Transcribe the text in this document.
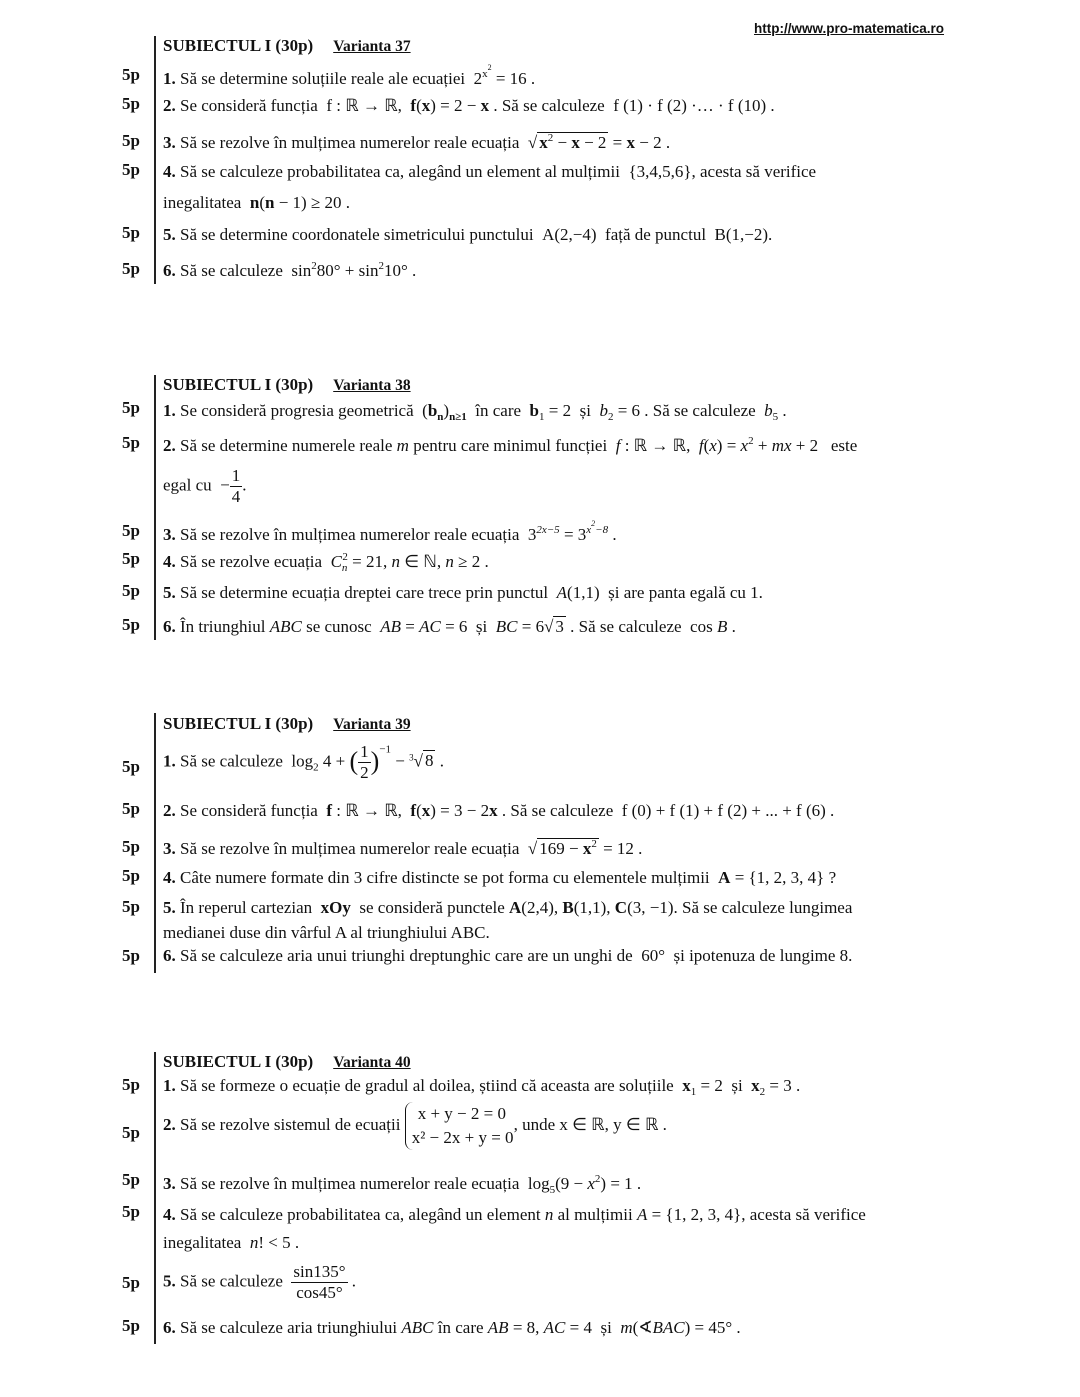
http://www.pro-matematica.ro
SUBIECTUL I (30p) Varianta 37
5p 1. Să se determine soluțiile reale ale ecuației  $2^{x^2} = 16$ .
5p 2. Se consideră funcția  f : ℝ → ℝ,  f(x) = 2 − x . Să se calculeze  f (1) · f (2) ·… · f (10) .
5p 3. Să se rezolve în mulțimea numerelor reale ecuația  √ $x^2 - x - 2 = x - 2$ .
5p 4. Să se calculeze probabilitatea ca, alegând un element al mulțimii {3,4,5,6}, acesta să verifice
inegalitatea n(n − 1) ≥ 20 .
5p 5. Să se determine coordonatele simetricului punctului A(2,−4) față de punctul B(1,−2).
5p 6. Să se calculeze  $\sin^280^\circ + \sin^210^\circ$ .
SUBIECTUL I (30p) Varianta 38
5p 1. Se consideră progresia geometrică  $(b_n)_{n\ge 1}$  în care  $b_1 = 2$  și  $b_2 = 6$ . Să se calculeze  $b_5$ .
5p 2. Să se determine numerele reale m pentru care minimul funcției f : ℝ → ℝ,  $f(x) = x^2$ + mx + 2   este
egal cu  − $\frac{1}{4}$ .
5p 3. Să se rezolve în mulțimea numerelor reale ecuația  $3^{2x-5} = 3^{x^2-8}$ .
5p 4. Să se rezolve ecuația $C_n^2 = 21$, n ∈ ℕ, n ≥ 2 .
5p 5. Să se determine ecuația dreptei care trece prin punctul A(1,1)  și are panta egală cu 1.
5p 6. În triunghiul ABC se cunosc AB = AC = 6  și  BC = 6√ 3 . Să se calculeze  cos B .
SUBIECTUL I (30p) Varianta 39
5p 1. Să se calculeze  $\log_2 4$ + ( $\frac{1}{2} )^{-1} - ^3√$ 8 .
5p 2. Se consideră funcția f : ℝ → ℝ,  f(x) = 3 − 2x . Să se calculeze  f (0) + f (1) + f (2) + ... + f (6) .
5p 3. Să se rezolve în mulțimea numerelor reale ecuația  √ $169 - x^2 = 12$ .
5p 4. Câte numere formate din 3 cifre distincte se pot forma cu elementele mulțimii A = {1, 2, 3, 4} ?
5p 5. În reperul cartezian xOy se consideră punctele A(2,4), B(1,1), C(3, −1). Să se calculeze lungimea
medianei duse din vârful A al triunghiului ABC.
5p 6. Să se calculeze aria unui triunghi dreptunghic care are un unghi de 60° și ipotenuza de lungime 8.
SUBIECTUL I (30p) Varianta 40
5p 1. Să se formeze o ecuație de gradul al doilea, știind că aceasta are soluțiile $x_1 = 2$  și  $x_2 = 3$ .
5p 2. Să se rezolve sistemul de ecuații
x + y − 2 = 0
x² − 2x + y = 0
, unde x ∈ ℝ, y ∈ ℝ .
5p 3. Să se rezolve în mulțimea numerelor reale ecuația  $\log_5(9 - x^2) = 1$ .
5p 4. Să se calculeze probabilitatea ca, alegând un element n al mulțimii A = {1, 2, 3, 4}, acesta să verifice
inegalitatea n! < 5 .
5p 5. Să se calculeze $\frac{\sin 135^\circ}{\cos 45^\circ}$ .
5p 6. Să se calculeze aria triunghiului ABC în care AB = 8, AC = 4  și  m(∢BAC) = 45° .
